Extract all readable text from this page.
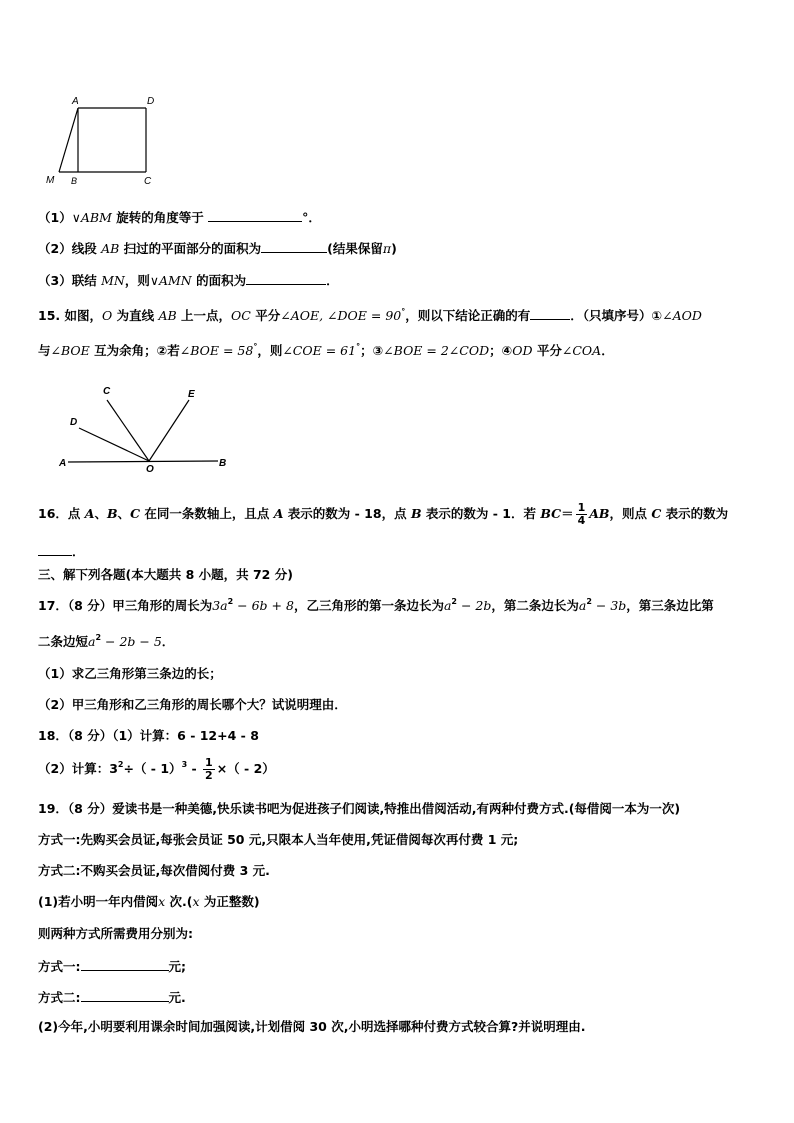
A	D
M B	C
（1）∨ABM 旋转的角度等于	°．
（2）线段 AB 扫过的平面部分的面积为	(结果保留π)
（3）联结 MN，则∨AMN 的面积为	．
15. 如图，O 为直线 AB 上一点，OC 平分∠AOE, ∠DOE = 90°，则以下结论正确的有	．（只填序号）①∠AOD
与∠BOE 互为余角；②若∠BOE = 58°，则∠COE = 61°；③∠BOE = 2∠COD；④OD 平分∠COA．
C	E
D
A
O
B
16．点 A、B、C 在同一条数轴上，且点 A 表示的数为 - 18，点 B 表示的数为 - 1．若 $BC= \frac{1}{4}$ AB，则点 C 表示的数为
．
三、解下列各题(本大题共 8 小题，共 72 分)
17．（8 分）甲三角形的周长为$3a^2 - 6b + 8$，乙三角形的第一条边长为$a^2 - 2b$，第二条边长为$a^2 - 3b$，第三条边比第
二条边短$a^2 - 2b - 5$．
（1）求乙三角形第三条边的长；
（2）甲三角形和乙三角形的周长哪个大？试说明理由．
18．（8 分）（1）计算：6 - 12+4 - 8
（2）计算：$3^2\div( - 1)^3 - \frac{1}{2}$ ×（ - 2）
19．（8 分）爱读书是一种美德,快乐读书吧为促进孩子们阅读,特推出借阅活动,有两种付费方式.(每借阅一本为一次)
方式一:先购买会员证,每张会员证 50 元,只限本人当年使用,凭证借阅每次再付费 1 元;
方式二:不购买会员证,每次借阅付费 3 元.
(1)若小明一年内借阅x 次.(x 为正整数)
则两种方式所需费用分别为:
方式一:	元;
方式二:	元.
(2)今年,小明要利用课余时间加强阅读,计划借阅 30 次,小明选择哪种付费方式较合算?并说明理由.
